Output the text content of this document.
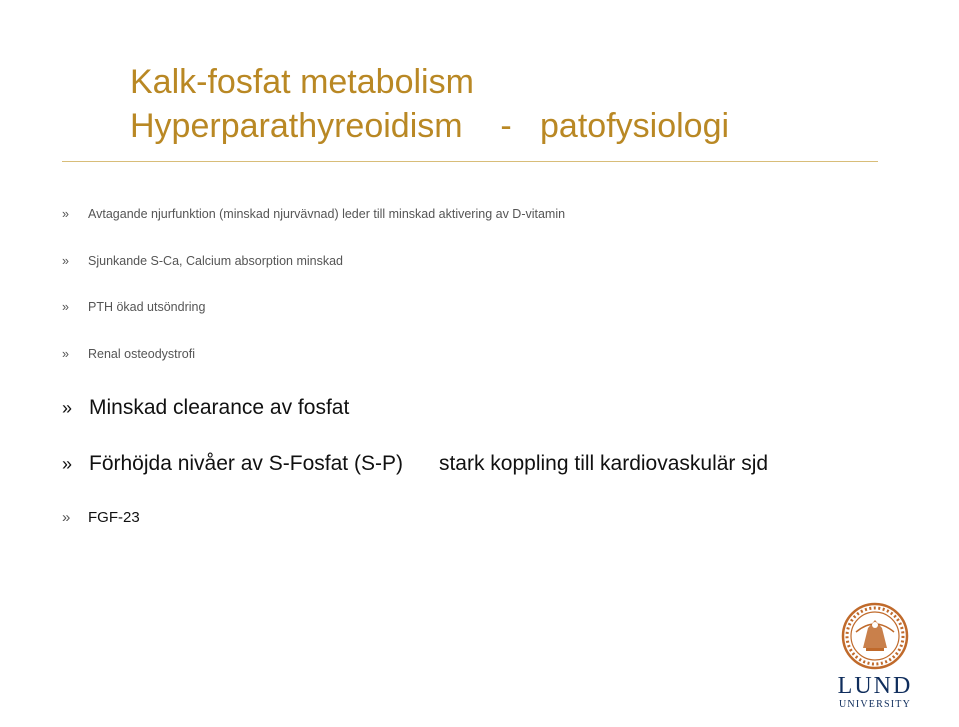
Kalk-fosfat metabolism
Hyperparathyreoidism    -   patofysiologi
» Avtagande njurfunktion (minskad njurvävnad) leder till minskad aktivering av D-vitamin
» Sjunkande S-Ca, Calcium absorption minskad
» PTH ökad utsöndring
» Renal osteodystrofi
» Minskad clearance av fosfat
» Förhöjda nivåer av S-Fosfat (S-P) stark koppling till kardiovaskulär sjd
» FGF-23
LUND
UNIVERSITY
